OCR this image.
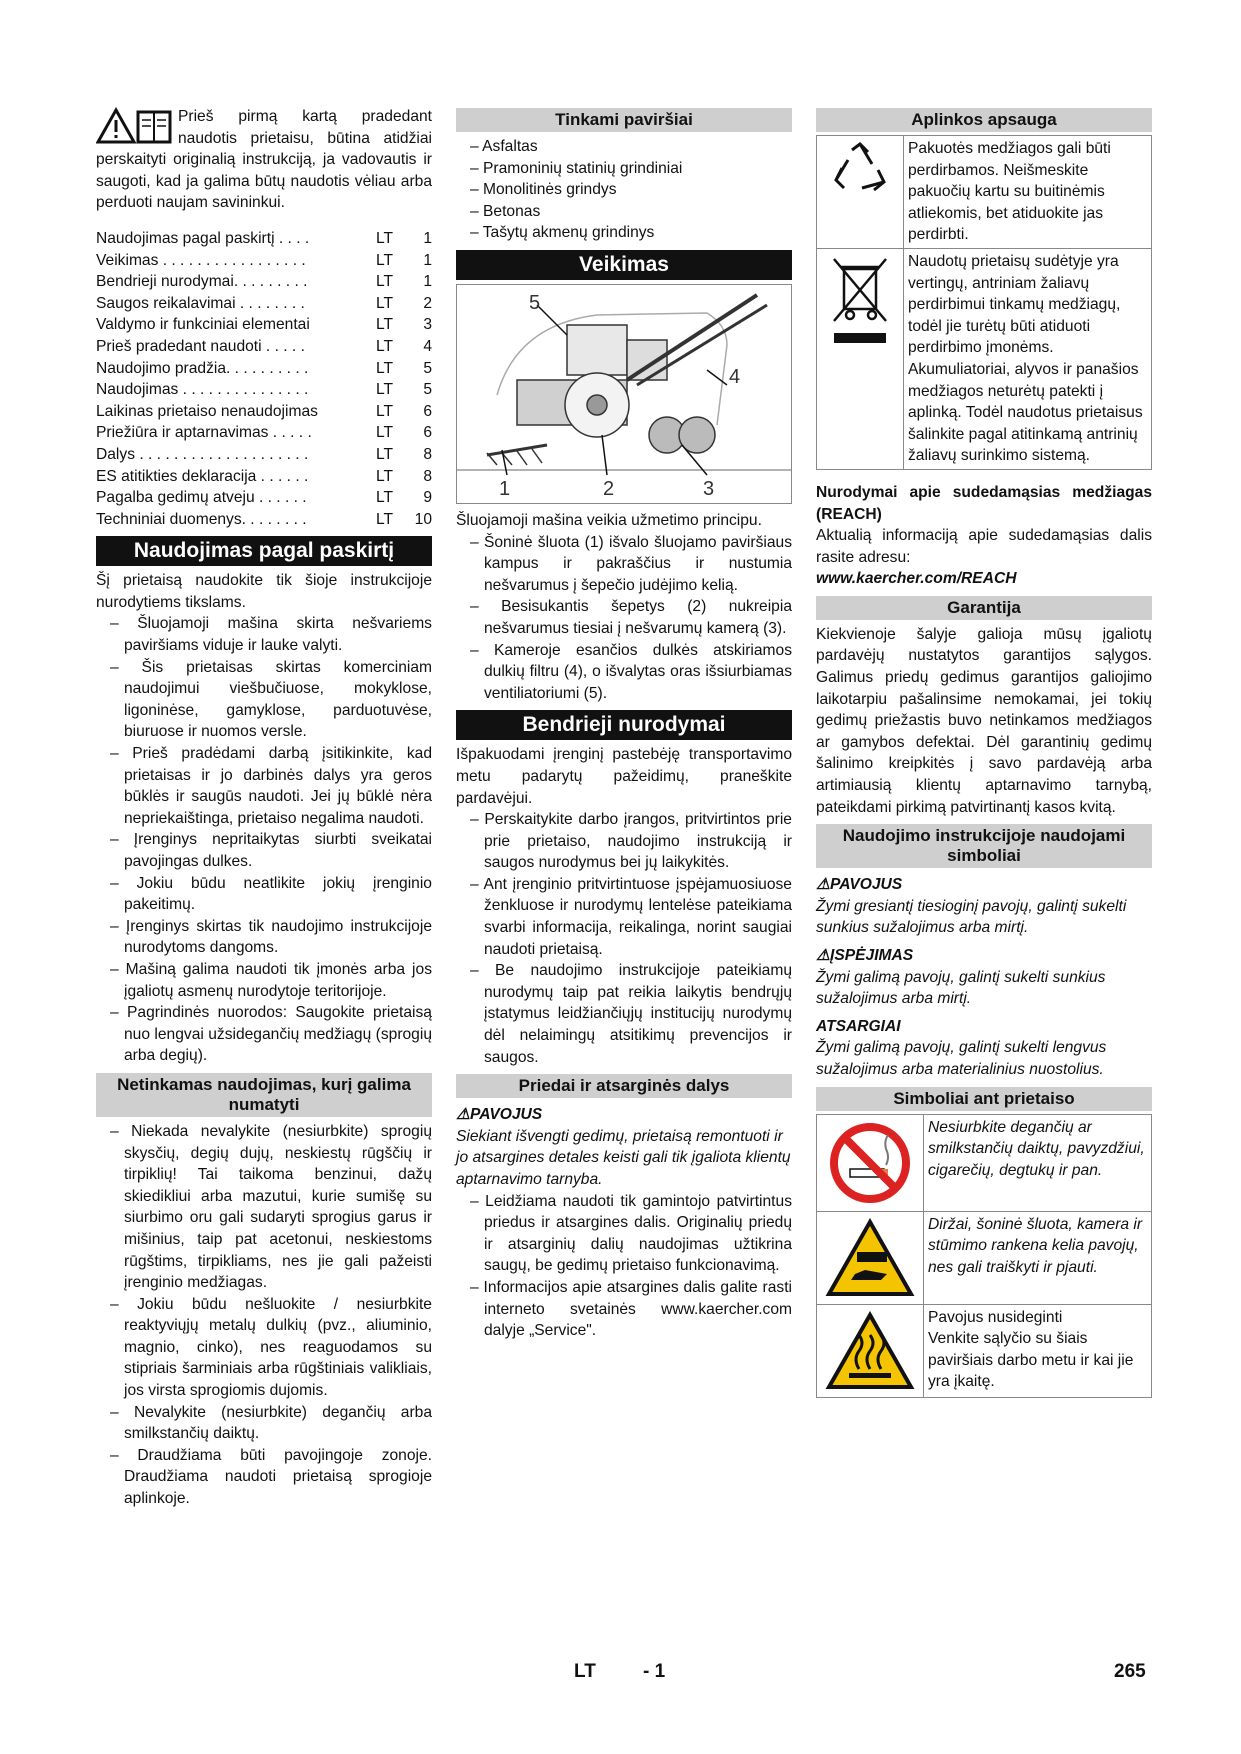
Prieš pirmą kartą pradedant naudotis prietaisu, būtina atidžiai perskaityti originalią instrukciją, ja vadovautis ir saugoti, kad ja galima būtų naudotis vėliau arba perduoti naujam savininkui.

Naudojimas pagal paskirtį . . . .	LT	1
Veikimas . . . . . . . . . . . . . . . . .	LT	1
Bendrieji nurodymai. . . . . . . . .	LT	1
Saugos reikalavimai . . . . . . . .	LT	2
Valdymo ir funkciniai elementai	LT	3
Prieš pradedant naudoti . . . . .	LT	4
Naudojimo pradžia. . . . . . . . . .	LT	5
Naudojimas . . . . . . . . . . . . . . .	LT	5
Laikinas prietaiso nenaudojimas	LT	6
Priežiūra ir aptarnavimas . . . . .	LT	6
Dalys . . . . . . . . . . . . . . . . . . . .	LT	8
ES atitikties deklaracija . . . . . .	LT	8
Pagalba gedimų atveju . . . . . .	LT	9
Techniniai duomenys. . . . . . . .	LT	10
Naudojimas pagal paskirtį

Šį prietaisą naudokite tik šioje instrukcijoje nurodytiems tikslams.

– Šluojamoji mašina skirta nešvariems paviršiams viduje ir lauke valyti.
– Šis prietaisas skirtas komerciniam naudojimui viešbučiuose, mokyklose, ligoninėse, gamyklose, parduotuvėse, biuruose ir nuomos versle.
– Prieš pradėdami darbą įsitikinkite, kad prietaisas ir jo darbinės dalys yra geros būklės ir saugūs naudoti. Jei jų būklė nėra nepriekaištinga, prietaiso negalima naudoti.
– Įrenginys nepritaikytas siurbti sveikatai pavojingas dulkes.
– Jokiu būdu neatlikite jokių įrenginio pakeitimų.
– Įrenginys skirtas tik naudojimo instrukcijoje nurodytoms dangoms.
– Mašiną galima naudoti tik įmonės arba jos įgaliotų asmenų nurodytoje teritorijoje.
– Pagrindinės nuorodos: Saugokite prietaisą nuo lengvai užsidegančių medžiagų (sprogių arba degių).
Netinkamas naudojimas, kurį galima numatyti
– Niekada nevalykite (nesiurbkite) sprogių skysčių, degių dujų, neskiestų rūgščių ir tirpiklių! Tai taikoma benzinui, dažų skiedikliui arba mazutui, kurie sumišę su siurbimo oru gali sudaryti sprogius garus ir mišinius, taip pat acetonui, neskiestoms rūgštims, tirpikliams, nes jie gali pažeisti įrenginio medžiagas.
– Jokiu būdu nešluokite / nesiurbkite reaktyviųjų metalų dulkių (pvz., aliuminio, magnio, cinko), nes reaguodamos su stipriais šarminiais arba rūgštiniais valikliais, jos virsta sprogiomis dujomis.
– Nevalykite (nesiurbkite) degančių arba smilkstančių daiktų.
– Draudžiama būti pavojingoje zonoje. Draudžiama naudoti prietaisą sprogioje aplinkoje.
Tinkami paviršiai
– Asfaltas
– Pramoninių statinių grindiniai
– Monolitinės grindys
– Betonas
– Tašytų akmenų grindinys
Veikimas
5
4
1	2	3

Šluojamoji mašina veikia užmetimo principu.

– Šoninė šluota (1) išvalo šluojamo paviršiaus kampus ir pakraščius ir nustumia nešvarumus į šepečio judėjimo kelią.
– Besisukantis šepetys (2) nukreipia nešvarumus tiesiai į nešvarumų kamerą (3).
– Kameroje esančios dulkės atskiriamos dulkių filtru (4), o išvalytas oras išsiurbiamas ventiliatoriumi (5).
Bendrieji nurodymai

Išpakuodami įrenginį pastebėję transportavimo metu padarytų pažeidimų, praneškite pardavėjui.

– Perskaitykite darbo įrangos, pritvirtintos prie prie prietaiso, naudojimo instrukciją ir saugos nurodymus bei jų laikykitės.
– Ant įrenginio pritvirtintuose įspėjamuosiuose ženkluose ir nurodymų lentelėse pateikiama svarbi informacija, reikalinga, norint saugiai naudoti prietaisą.
– Be naudojimo instrukcijoje pateikiamų nurodymų taip pat reikia laikytis bendrųjų įstatymus leidžiančiųjų institucijų nurodymų dėl nelaimingų atsitikimų prevencijos ir saugos.
Priedai ir atsarginės dalys

⚠PAVOJUS

Siekiant išvengti gedimų, prietaisą remontuoti ir jo atsargines detales keisti gali tik įgaliota klientų aptarnavimo tarnyba.

– Leidžiama naudoti tik gamintojo patvirtintus priedus ir atsargines dalis. Originalių priedų ir atsarginių dalių naudojimas užtikrina saugų, be gedimų prietaiso funkcionavimą.
– Informacijos apie atsargines dalis galite rasti interneto svetainės www.kaercher.com dalyje „Service".
Aplinkos apsauga
Pakuotės medžiagos gali būti perdirbamos. Neišmeskite pakuočių kartu su buitinėmis atliekomis, bet atiduokite jas perdirbti.
Naudotų prietaisų sudėtyje yra vertingų, antriniam žaliavų perdirbimui tinkamų medžiagų, todėl jie turėtų būti atiduoti perdirbimo įmonėms. Akumuliatoriai, alyvos ir panašios medžiagos neturėtų patekti į aplinką. Todėl naudotus prietaisus šalinkite pagal atitinkamą antrinių žaliavų surinkimo sistemą.

Nurodymai apie sudedamąsias medžiagas (REACH)

Aktualią informaciją apie sudedamąsias dalis rasite adresu:

www.kaercher.com/REACH

Garantija

Kiekvienoje šalyje galioja mūsų įgaliotų pardavėjų nustatytos garantijos sąlygos. Galimus priedų gedimus garantijos galiojimo laikotarpiu pašalinsime nemokamai, jei tokių gedimų priežastis buvo netinkamos medžiagos ar gamybos defektai. Dėl garantinių gedimų šalinimo kreipkitės į savo pardavėją arba artimiausią klientų aptarnavimo tarnybą, pateikdami pirkimą patvirtinantį kasos kvitą.

Naudojimo instrukcijoje naudojami simboliai

⚠PAVOJUS

Žymi gresiantį tiesioginį pavojų, galintį sukelti sunkius sužalojimus arba mirtį.

⚠ĮSPĖJIMAS

Žymi galimą pavojų, galintį sukelti sunkius sužalojimus arba mirtį.

ATSARGIAI

Žymi galimą pavojų, galintį sukelti lengvus sužalojimus arba materialinius nuostolius.

Simboliai ant prietaiso
Nesiurbkite degančių ar smilkstančių daiktų, pavyzdžiui, cigarečių, degtukų ir pan.
Diržai, šoninė šluota, kamera ir stūmimo rankena kelia pavojų, nes gali traiškyti ir pjauti.
Pavojus nusideginti
Venkite sąlyčio su šiais paviršiais darbo metu ir kai jie yra įkaitę.
LT - 1	265
